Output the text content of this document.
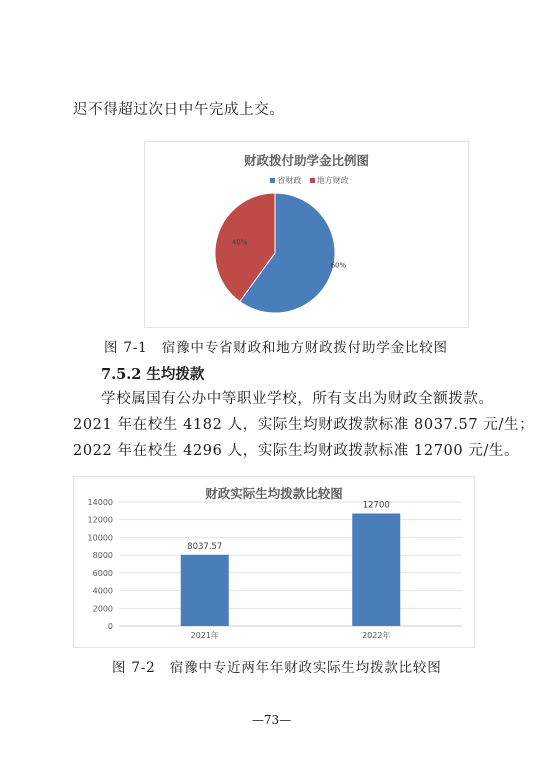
迟不得超过次日中午完成上交。
财政拨付助学金比例图
省财政 地方财政
60%
40%
图 7-1　宿豫中专省财政和地方财政拨付助学金比较图
7.5.2 生均拨款
学校属国有公办中等职业学校，所有支出为财政全额拨款。
2021 年在校生 4182 人，实际生均财政拨款标准 8037.57 元/生；
2022 年在校生 4296 人，实际生均财政拨款标准 12700 元/生。
财政实际生均拨款比较图
0
2000
4000
6000
8000
10000
12000
14000
8037.57
2021年
12700
2022年
图 7-2　宿豫中专近两年年财政实际生均拨款比较图
—73—
